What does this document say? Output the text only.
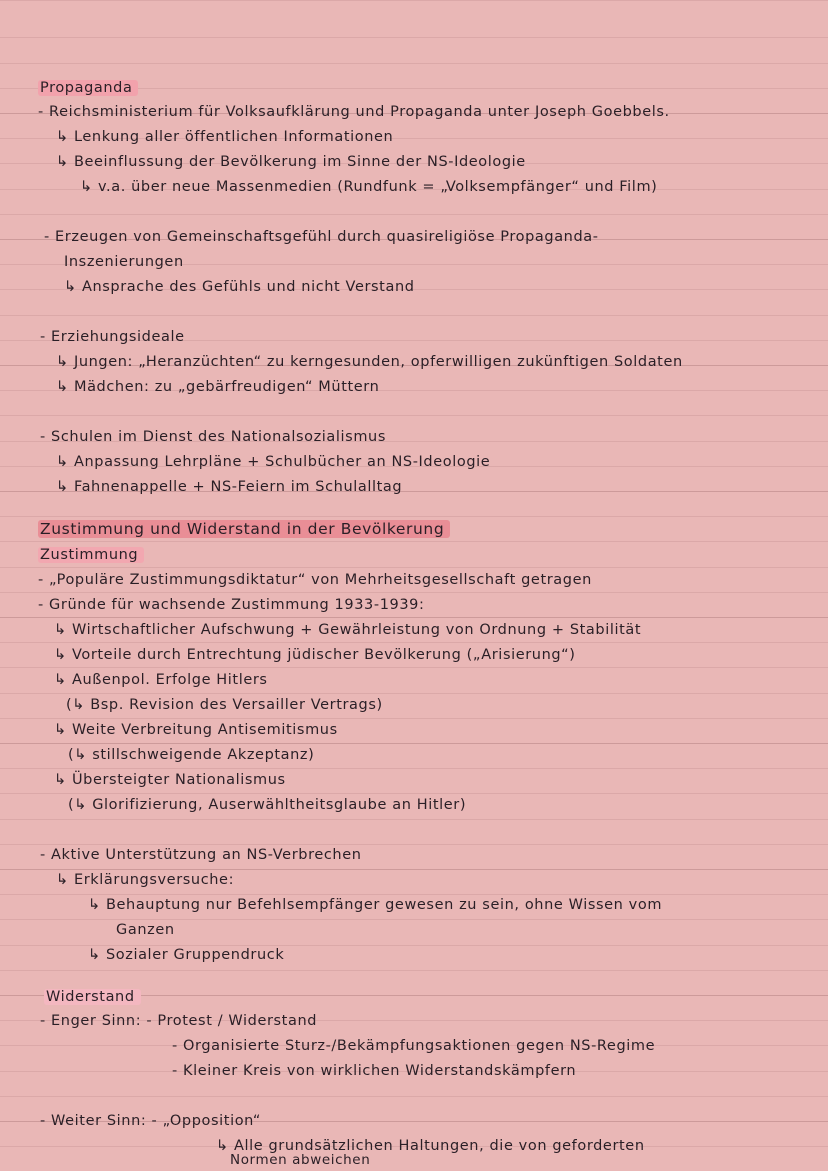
Propaganda
- Reichsministerium für Volksaufklärung und Propaganda unter Joseph Goebbels.
↳ Lenkung aller öffentlichen Informationen
↳ Beeinflussung der Bevölkerung im Sinne der NS-Ideologie
↳ v.a. über neue Massenmedien (Rundfunk = „Volksempfänger“ und Film)
- Erzeugen von Gemeinschaftsgefühl durch quasireligiöse Propaganda-
Inszenierungen
↳ Ansprache des Gefühls und nicht Verstand
- Erziehungsideale
↳ Jungen: „Heranzüchten“ zu kerngesunden, opferwilligen zukünftigen Soldaten
↳ Mädchen: zu „gebärfreudigen“ Müttern
- Schulen im Dienst des Nationalsozialismus
↳ Anpassung Lehrpläne + Schulbücher an NS-Ideologie
↳ Fahnenappelle + NS-Feiern im Schulalltag
Zustimmung und Widerstand in der Bevölkerung
Zustimmung
- „Populäre Zustimmungsdiktatur“ von Mehrheitsgesellschaft getragen
- Gründe für wachsende Zustimmung 1933-1939:
↳ Wirtschaftlicher Aufschwung + Gewährleistung von Ordnung + Stabilität
↳ Vorteile durch Entrechtung jüdischer Bevölkerung („Arisierung“)
↳ Außenpol. Erfolge Hitlers
(↳ Bsp. Revision des Versailler Vertrags)
↳ Weite Verbreitung Antisemitismus
(↳ stillschweigende Akzeptanz)
↳ Übersteigter Nationalismus
(↳ Glorifizierung, Auserwähltheitsglaube an Hitler)
- Aktive Unterstützung an NS-Verbrechen
↳ Erklärungsversuche:
↳ Behauptung nur Befehlsempfänger gewesen zu sein, ohne Wissen vom
Ganzen
↳ Sozialer Gruppendruck
Widerstand
- Enger Sinn: - Protest / Widerstand
- Organisierte Sturz-/Bekämpfungsaktionen gegen NS-Regime
- Kleiner Kreis von wirklichen Widerstandskämpfern
- Weiter Sinn: - „Opposition“
↳ Alle grundsätzlichen Haltungen, die von geforderten
Normen abweichen
